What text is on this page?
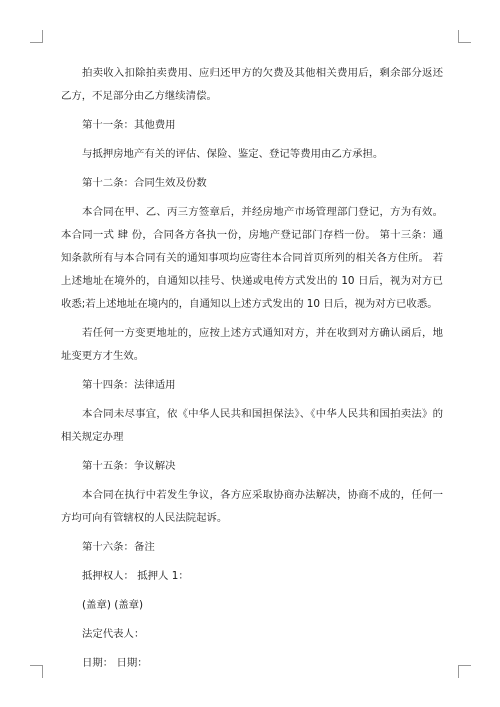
拍卖收入扣除拍卖费用、应归还甲方的欠费及其他相关费用后，剩余部分返还乙方，不足部分由乙方继续清偿。

第十一条：其他费用

与抵押房地产有关的评估、保险、鉴定、登记等费用由乙方承担。

第十二条：合同生效及份数

本合同在甲、乙、丙三方签章后，并经房地产市场管理部门登记，方为有效。本合同一式 肆 份，合同各方各执一份，房地产登记部门存档一份。 第十三条：通知条款所有与本合同有关的通知事项均应寄往本合同首页所列的相关各方住所。 若上述地址在境外的，自通知以挂号、快递或电传方式发出的 10 日后，视为对方已收悉;若上述地址在境内的，自通知以上述方式发出的 10 日后，视为对方已收悉。

若任何一方变更地址的，应按上述方式通知对方，并在收到对方确认函后，地址变更方才生效。

第十四条：法律适用

本合同未尽事宜，依《中华人民共和国担保法》、《中华人民共和国拍卖法》的相关规定办理

第十五条：争议解决

本合同在执行中若发生争议，各方应采取协商办法解决，协商不成的，任何一方均可向有管辖权的人民法院起诉。

第十六条：备注

抵押权人： 抵押人 1：

(盖章) (盖章)

法定代表人：

日期： 日期：
